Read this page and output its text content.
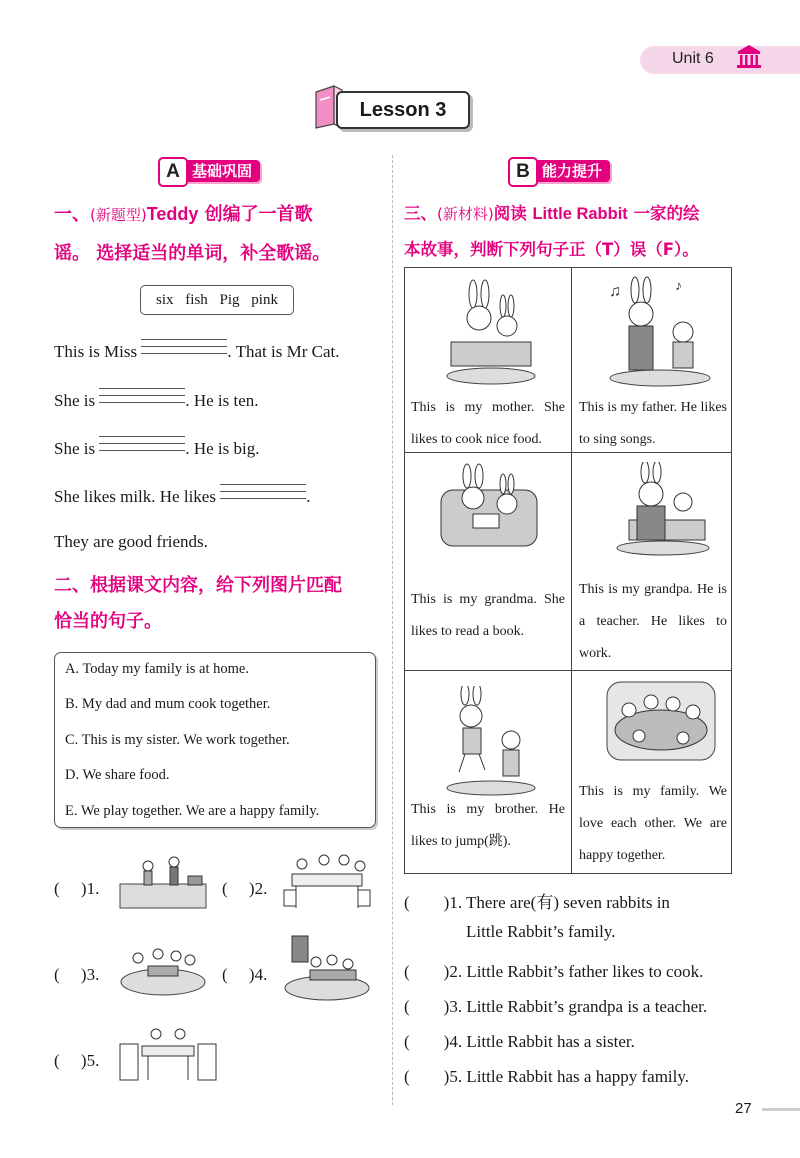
Unit 6
Lesson 3
A 基础巩固
一、(新题型)Teddy 创编了一首歌
谣。 选择适当的单词，补全歌谣。
six fish Pig pink
This is Miss	. That is Mr Cat.
She is	. He is ten.
She is	. He is big.
She likes milk. He likes	.
They are good friends.
二、根据课文内容，给下列图片匹配
恰当的句子。
A. Today my family is at home.
B. My dad and mum cook together.
C. This is my sister. We work together.
D. We share food.
E. We play together. We are a happy family.
(　 )1.	(　 )2.
(　 )3.	(　 )4.
(　 )5.
B 能力提升
三、(新材料)阅读 Little Rabbit 一家的绘
本故事，判断下列句子正（T）误（F）。
This is my mother. She likes to cook nice food.
♫	♪
This is my father. He likes to sing songs.
This is my grandma. She likes to read a book.
This is my grandpa. He is a teacher. He likes to work.
This is my brother. He likes to jump(跳).
This is my family. We love each other. We are happy together.
(　　)1. There are(有) seven rabbits in
Little Rabbit’s family.
(　　)2. Little Rabbit’s father likes to cook.
(　　)3. Little Rabbit’s grandpa is a teacher.
(　　)4. Little Rabbit has a sister.
(　　)5. Little Rabbit has a happy family.
27
